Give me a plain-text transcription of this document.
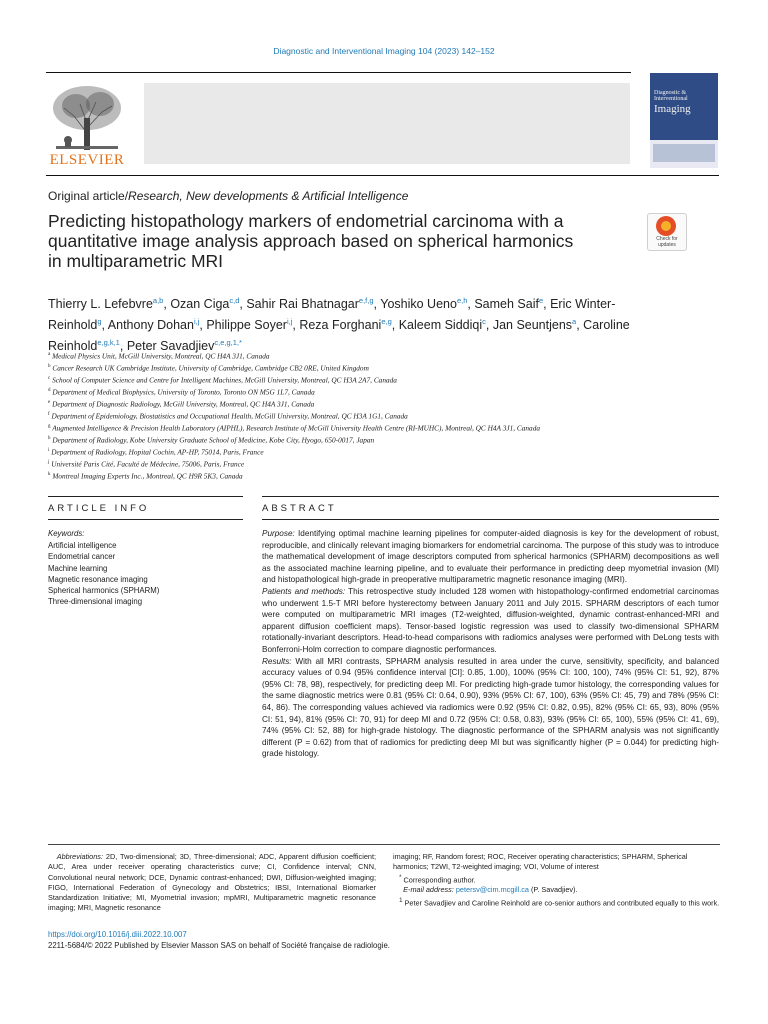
Diagnostic and Interventional Imaging 104 (2023) 142–152
ELSEVIER
Diagnostic & Interventional
Imaging
Original article/Research, New developments & Artificial Intelligence
Predicting histopathology markers of endometrial carcinoma with a
quantitative image analysis approach based on spherical harmonics
in multiparametric MRI
Check for updates
Thierry L. Lefebvre$^{a,b}$, Ozan Ciga$^{c,d}$, Sahir Rai Bhatnagar$^{e,f,g}$, Yoshiko Ueno$^{e,h}$, Sameh Saif$^e$, Eric Winter-Reinhold$^g$, Anthony Dohan$^{i,j}$, Philippe Soyer$^{i,j}$, Reza Forghani$^{e,g}$, Kaleem Siddiqi$^c$, Jan Seuntjens$^a$, Caroline Reinhold$^{e,g,k,1}$, Peter Savadjiev$^{c,e,g,1,*}$
$^a$ Medical Physics Unit, McGill University, Montreal, QC H4A 3J1, Canada
$^b$ Cancer Research UK Cambridge Institute, University of Cambridge, Cambridge CB2 0RE, United Kingdom
$^c$ School of Computer Science and Centre for Intelligent Machines, McGill University, Montreal, QC H3A 2A7, Canada
$^d$ Department of Medical Biophysics, University of Toronto, Toronto ON M5G 1L7, Canada
$^e$ Department of Diagnostic Radiology, McGill University, Montreal, QC H4A 3J1, Canada
$^f$ Department of Epidemiology, Biostatistics and Occupational Health, McGill University, Montreal, QC H3A 1G1, Canada
$^g$ Augmented Intelligence & Precision Health Laboratory (AIPHL), Research Institute of McGill University Health Centre (RI-MUHC), Montreal, QC H4A 3J1, Canada
$^h$ Department of Radiology, Kobe University Graduate School of Medicine, Kobe City, Hyogo, 650-0017, Japan
$^i$ Department of Radiology, Hopital Cochin, AP-HP, 75014, Paris, France
$^j$ Université Paris Cité, Faculté de Médecine, 75006, Paris, France
$^k$ Montreal Imaging Experts Inc., Montreal, QC H9R 5K3, Canada
ARTICLE INFO	ABSTRACT
Keywords:
Artificial intelligence
Endometrial cancer
Machine learning
Magnetic resonance imaging
Spherical harmonics (SPHARM)
Three-dimensional imaging

Purpose: Identifying optimal machine learning pipelines for computer-aided diagnosis is key for the development of robust, reproducible, and clinically relevant imaging biomarkers for endometrial carcinoma. The purpose of this study was to introduce the mathematical development of image descriptors computed from spherical harmonics (SPHARM) decompositions as well as the associated machine learning pipeline, and to evaluate their performance in predicting deep myometrial invasion (MI) and histopathological high-grade in preoperative multiparametric magnetic resonance imaging (MRI).

Patients and methods: This retrospective study included 128 women with histopathology-confirmed endometrial carcinomas who underwent 1.5-T MRI before hysterectomy between January 2011 and July 2015. SPHARM descriptors of each tumor were computed on multiparametric MRI images (T2-weighted, diffusion-weighted, dynamic contrast-enhanced-MRI and apparent diffusion coefficient maps). Tensor-based logistic regression was used to classify two-dimensional SPHARM rotationally-invariant descriptors. Head-to-head comparisons with radiomics analyses were performed with DeLong tests with Bonferroni-Holm correction to compare diagnostic performances.

Results: With all MRI contrasts, SPHARM analysis resulted in area under the curve, sensitivity, specificity, and balanced accuracy values of 0.94 (95% confidence interval [CI]: 0.85, 1.00), 100% (95% CI: 100, 100), 74% (95% CI: 51, 92), 87% (95% CI: 78, 98), respectively, for predicting deep MI. For predicting high-grade tumor histology, the corresponding values for the same diagnostic metrics were 0.81 (95% CI: 0.64, 0.90), 93% (95% CI: 67, 100), 63% (95% CI: 45, 79) and 78% (95% CI: 64, 86). The corresponding values achieved via radiomics were 0.92 (95% CI: 0.82, 0.95), 82% (95% CI: 65, 93), 80% (95% CI: 51, 94), 81% (95% CI: 70, 91) for deep MI and 0.72 (95% CI: 0.58, 0.83), 93% (95% CI: 65, 100), 55% (95% CI: 41, 69), 74% (95% CI: 52, 88) for high-grade histology. The diagnostic performance of the SPHARM analysis was not significantly different (P = 0.62) from that of radiomics for predicting deep MI but was significantly higher (P = 0.044) for predicting high-grade histology.

Abbreviations: 2D, Two-dimensional; 3D, Three-dimensional; ADC, Apparent diffusion coefficient; AUC, Area under receiver operating characteristics curve; CI, Confidence interval; CNN, Convolutional neural network; DCE, Dynamic contrast-enhanced; DWI, Diffusion-weighted imaging; FIGO, International Federation of Gynecology and Obstetrics; IBSI, International Biomarker Standardization Initiative; MI, Myometrial invasion; mpMRI, Multiparametric magnetic resonance imaging; MRI, Magnetic resonance

imaging; RF, Random forest; ROC, Receiver operating characteristics; SPHARM, Spherical harmonics; T2WI, T2-weighted imaging; VOI, Volume of interest

* Corresponding author.

E-mail address: petersv@cim.mcgill.ca (P. Savadjiev).

$^1$ Peter Savadjiev and Caroline Reinhold are co-senior authors and contributed equally to this work.

https://doi.org/10.1016/j.diii.2022.10.007
2211-5684/© 2022 Published by Elsevier Masson SAS on behalf of Société française de radiologie.
